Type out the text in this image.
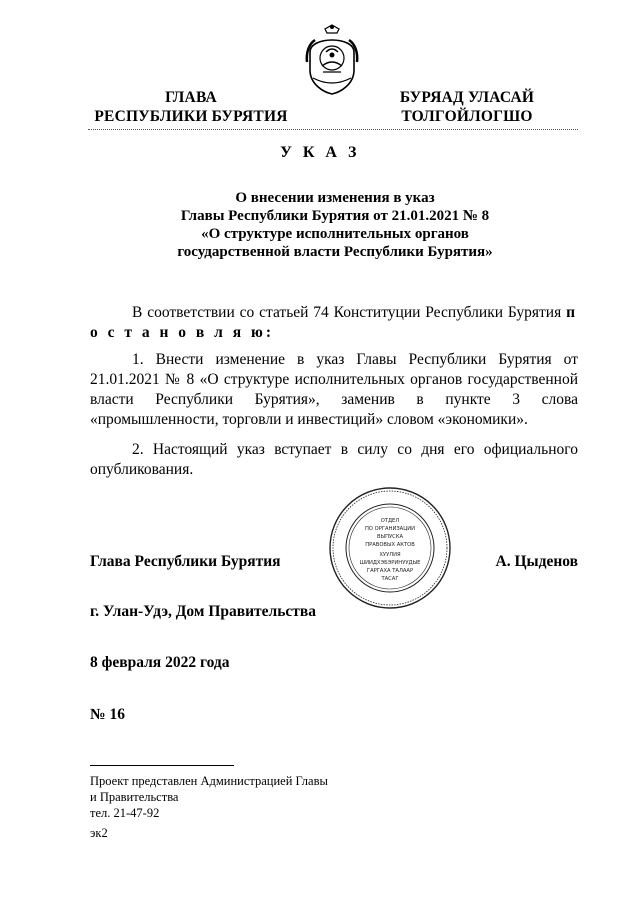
ГЛАВА
РЕСПУБЛИКИ БУРЯТИЯ
БУРЯАД УЛАСАЙ
ТОЛГОЙЛОГШО
У К А З
О внесении изменения в указ
Главы Республики Бурятия от 21.01.2021 № 8
«О структуре исполнительных органов
государственной власти Республики Бурятия»

В соответствии со статьей 74 Конституции Республики Бурятия п о с т а н о в л я ю:

1. Внести изменение в указ Главы Республики Бурятия от 21.01.2021 № 8 «О структуре исполнительных органов государственной власти Республики Бурятия», заменив в пункте 3 слова «промышленности, торговли и инвестиций» словом «экономики».

2. Настоящий указ вступает в силу со дня его официального опубликования.

ОТДЕЛ
ПО ОРГАНИЗАЦИИ
ВЫПУСКА
ПРАВОВЫХ АКТОВ
ХУУЛИЯ
ШИИДХЭБЭРИНУУДЫЕ
ГАРГАХА ТАЛААР
ТАСАГ
Глава Республики Бурятия	А. Цыденов
г. Улан-Удэ, Дом Правительства
8 февраля 2022 года
№ 16
Проект представлен Администрацией Главы
и Правительства
тел. 21-47-92
эк2
